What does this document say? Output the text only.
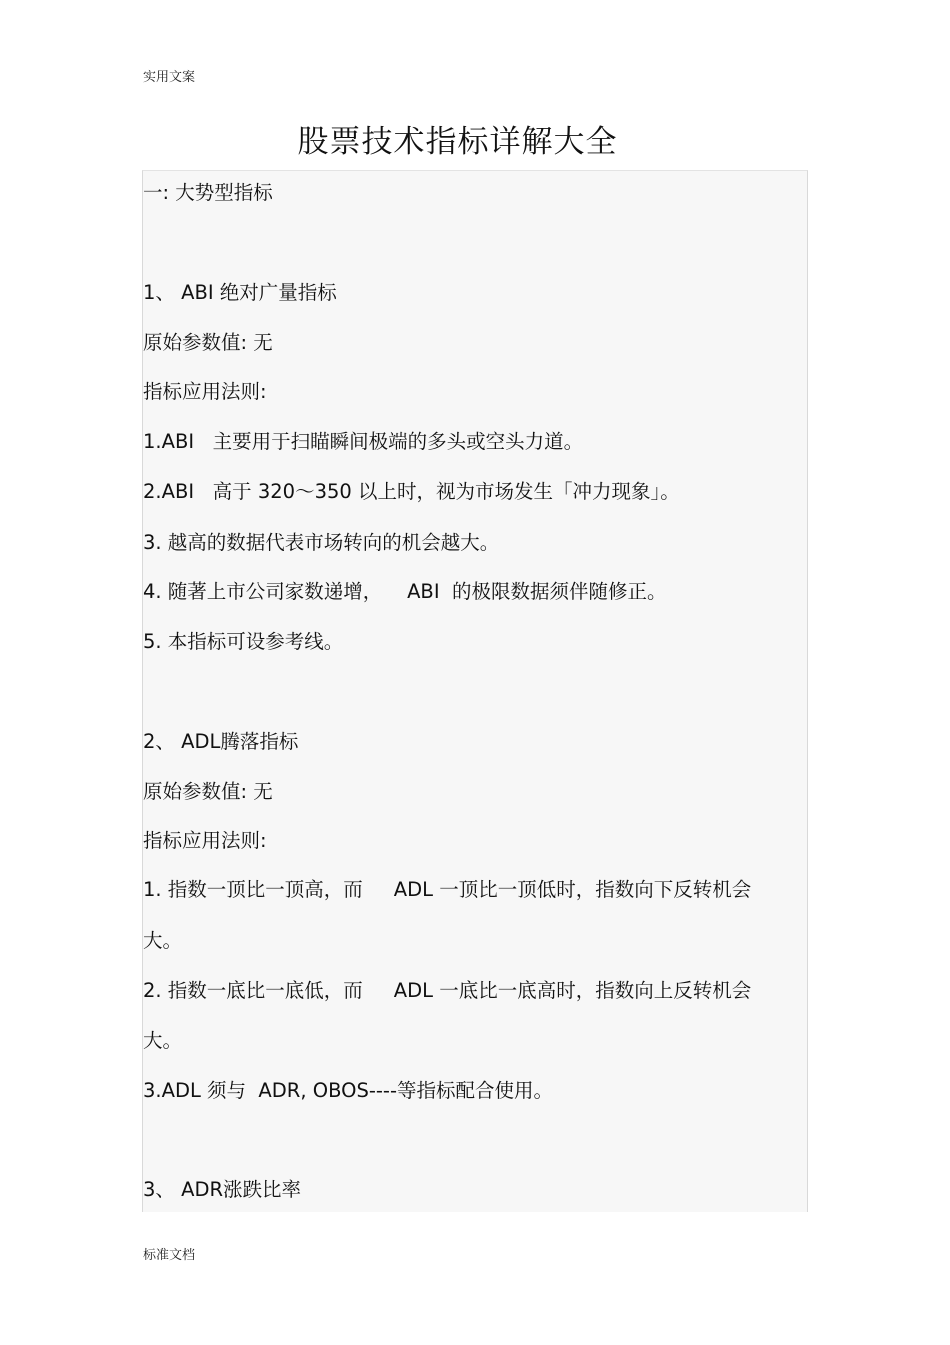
实用文案
股票技术指标详解大全
一: 大势型指标
1、 ABI 绝对广量指标
原始参数值: 无
指标应用法则:
1.ABI   主要用于扫瞄瞬间极端的多头或空头力道。
2.ABI   高于 320～350 以上时，视为市场发生「冲力现象」。
3. 越高的数据代表市场转向的机会越大。
4. 随著上市公司家数递增，    ABI  的极限数据须伴随修正。
5. 本指标可设参考线。
2、 ADL腾落指标
原始参数值: 无
指标应用法则:
1. 指数一顶比一顶高，而     ADL 一顶比一顶低时，指数向下反转机会
大。
2. 指数一底比一底低，而     ADL 一底比一底高时，指数向上反转机会
大。
3.ADL 须与  ADR, OBOS----等指标配合使用。
3、 ADR涨跌比率
标准文档
